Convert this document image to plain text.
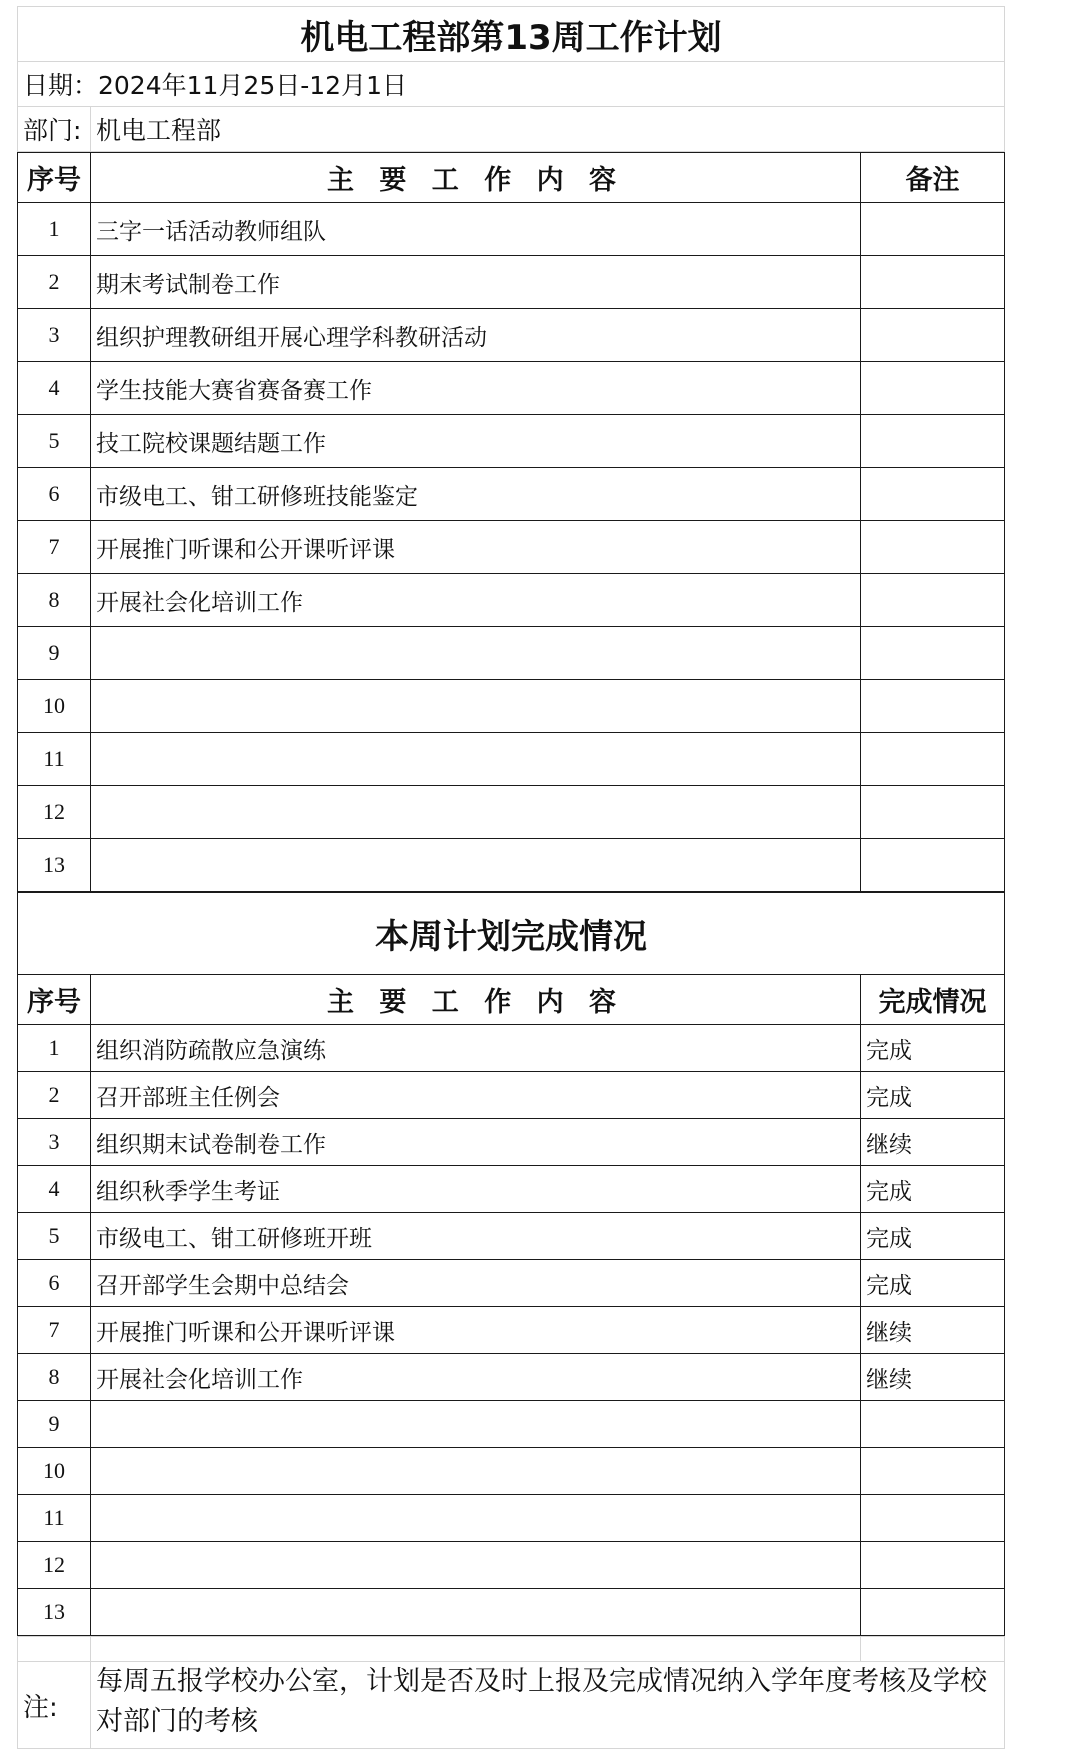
机电工程部第13周工作计划
日期：2024年11月25日-12月1日
部门:	机电工程部
序号	主 要 工 作 内 容	备注
1	三字一话活动教师组队	
2	期末考试制卷工作	
3	组织护理教研组开展心理学科教研活动	
4	学生技能大赛省赛备赛工作	
5	技工院校课题结题工作	
6	市级电工、钳工研修班技能鉴定	
7	开展推门听课和公开课听评课	
8	开展社会化培训工作	
9		
10		
11		
12		
13		
本周计划完成情况		
序号	主 要 工 作 内 容	完成情况
1	组织消防疏散应急演练	完成
2	召开部班主任例会	完成
3	组织期末试卷制卷工作	继续
4	组织秋季学生考证	完成
5	市级电工、钳工研修班开班	完成
6	召开部学生会期中总结会	完成
7	开展推门听课和公开课听评课	继续
8	开展社会化培训工作	继续
9		
10		
11		
12		
13		

注:	每周五报学校办公室，计划是否及时上报及完成情况纳入学年度考核及学校对部门的考核	
